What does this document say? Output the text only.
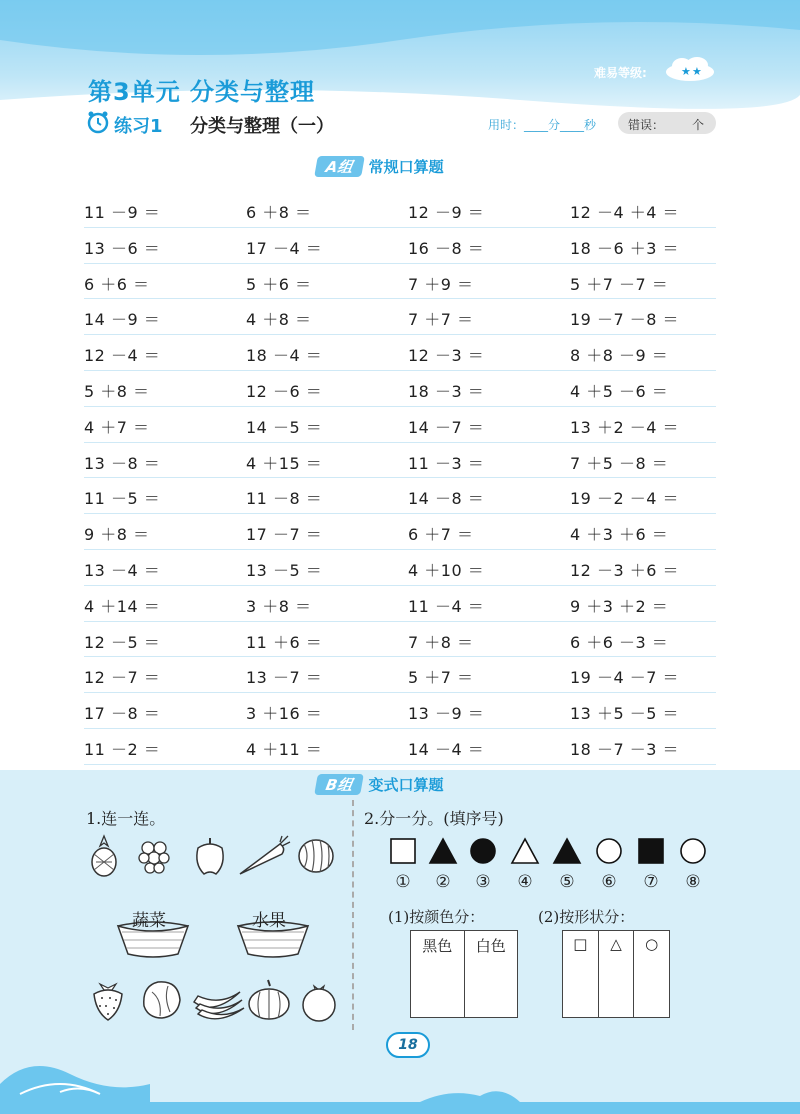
第3单元 分类与整理
难易等级:	★ ★
练习1 分类与整理（一）	用时：____分____秒	错误： 个
A组 常规口算题
11 －9 ＝	6 ＋8 ＝	12 －9 ＝	12 －4 ＋4 ＝
13 －6 ＝	17 －4 ＝	16 －8 ＝	18 －6 ＋3 ＝
6 ＋6 ＝	5 ＋6 ＝	7 ＋9 ＝	5 ＋7 －7 ＝
14 －9 ＝	4 ＋8 ＝	7 ＋7 ＝	19 －7 －8 ＝
12 －4 ＝	18 －4 ＝	12 －3 ＝	8 ＋8 －9 ＝
5 ＋8 ＝	12 －6 ＝	18 －3 ＝	4 ＋5 －6 ＝
4 ＋7 ＝	14 －5 ＝	14 －7 ＝	13 ＋2 －4 ＝
13 －8 ＝	4 ＋15 ＝	11 －3 ＝	7 ＋5 －8 ＝
11 －5 ＝	11 －8 ＝	14 －8 ＝	19 －2 －4 ＝
9 ＋8 ＝	17 －7 ＝	6 ＋7 ＝	4 ＋3 ＋6 ＝
13 －4 ＝	13 －5 ＝	4 ＋10 ＝	12 －3 ＋6 ＝
4 ＋14 ＝	3 ＋8 ＝	11 －4 ＝	9 ＋3 ＋2 ＝
12 －5 ＝	11 ＋6 ＝	7 ＋8 ＝	6 ＋6 －3 ＝
12 －7 ＝	13 －7 ＝	5 ＋7 ＝	19 －4 －7 ＝
17 －8 ＝	3 ＋16 ＝	13 －9 ＝	13 ＋5 －5 ＝
11 －2 ＝	4 ＋11 ＝	14 －4 ＝	18 －7 －3 ＝
B组 变式口算题
1.连一连。
蔬菜	水果
2.分一分。(填序号)
①	②	③	④	⑤	⑥	⑦	⑧
(1)按颜色分：	(2)按形状分：
黑色	白色	□	△	○
18
